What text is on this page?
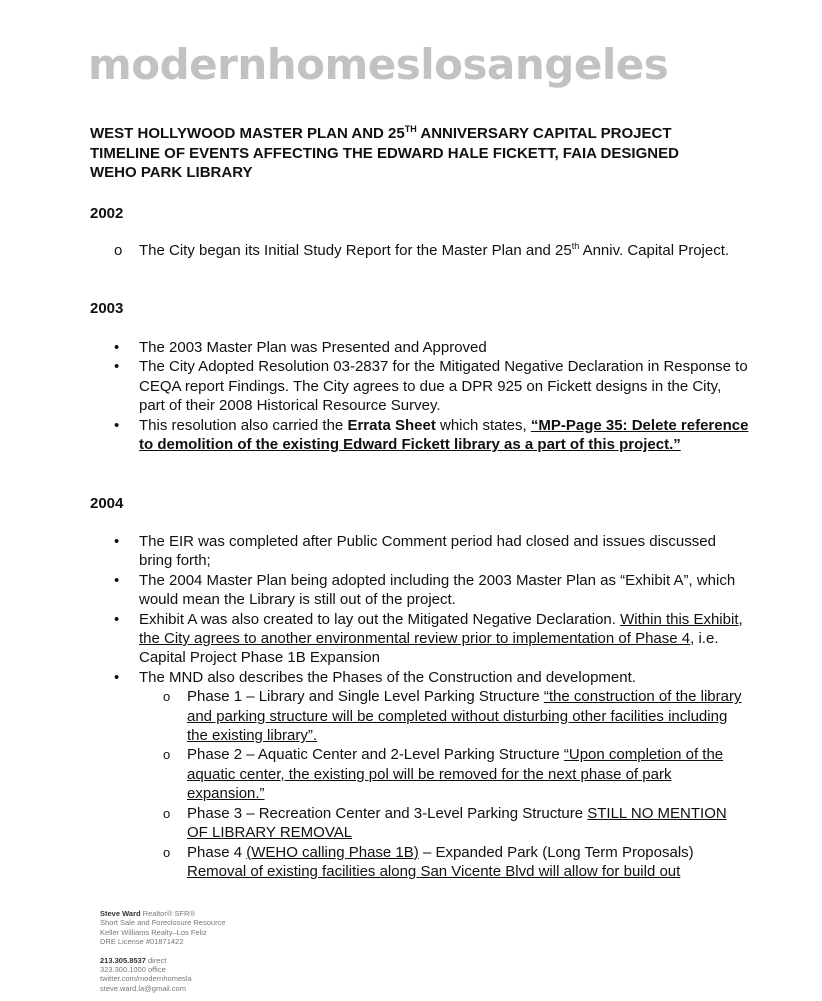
modernhomeslosangeles
WEST HOLLYWOOD MASTER PLAN AND 25TH ANNIVERSARY CAPITAL PROJECT
TIMELINE OF EVENTS AFFECTING THE EDWARD HALE FICKETT, FAIA DESIGNED
WEHO PARK LIBRARY
2002
o The City began its Initial Study Report for the Master Plan and 25th Anniv. Capital Project.
2003
• The 2003 Master Plan was Presented and Approved
• The City Adopted Resolution 03-2837 for the Mitigated Negative Declaration in Response to CEQA report Findings. The City agrees to due a DPR 925 on Fickett designs in the City, part of their 2008 Historical Resource Survey.
• This resolution also carried the Errata Sheet which states, “MP-Page 35: Delete reference to demolition of the existing Edward Fickett library as a part of this project.”
2004
• The EIR was completed after Public Comment period had closed and issues discussed bring forth;
• The 2004 Master Plan being adopted including the 2003 Master Plan as “Exhibit A”, which would mean the Library is still out of the project.
• Exhibit A was also created to lay out the Mitigated Negative Declaration. Within this Exhibit, the City agrees to another environmental review prior to implementation of Phase 4, i.e. Capital Project Phase 1B Expansion
• The MND also describes the Phases of the Construction and development.
o Phase 1 – Library and Single Level Parking Structure “the construction of the library and parking structure will be completed without disturbing other facilities including the existing library”.
o Phase 2 – Aquatic Center and 2-Level Parking Structure “Upon completion of the aquatic center, the existing pol will be removed for the next phase of park expansion.”
o Phase 3 – Recreation Center and 3-Level Parking Structure STILL NO MENTION OF LIBRARY REMOVAL
o Phase 4 (WEHO calling Phase 1B) – Expanded Park (Long Term Proposals) Removal of existing facilities along San Vicente Blvd will allow for build out
Steve Ward Realtor® SFR®
Short Sale and Foreclosure Resource
Keller Williams Realty–Los Feliz
DRE License #01871422
213.305.8537 direct
323.300.1000 office
twitter.com/modernhomesla
steve.ward.la@gmail.com
